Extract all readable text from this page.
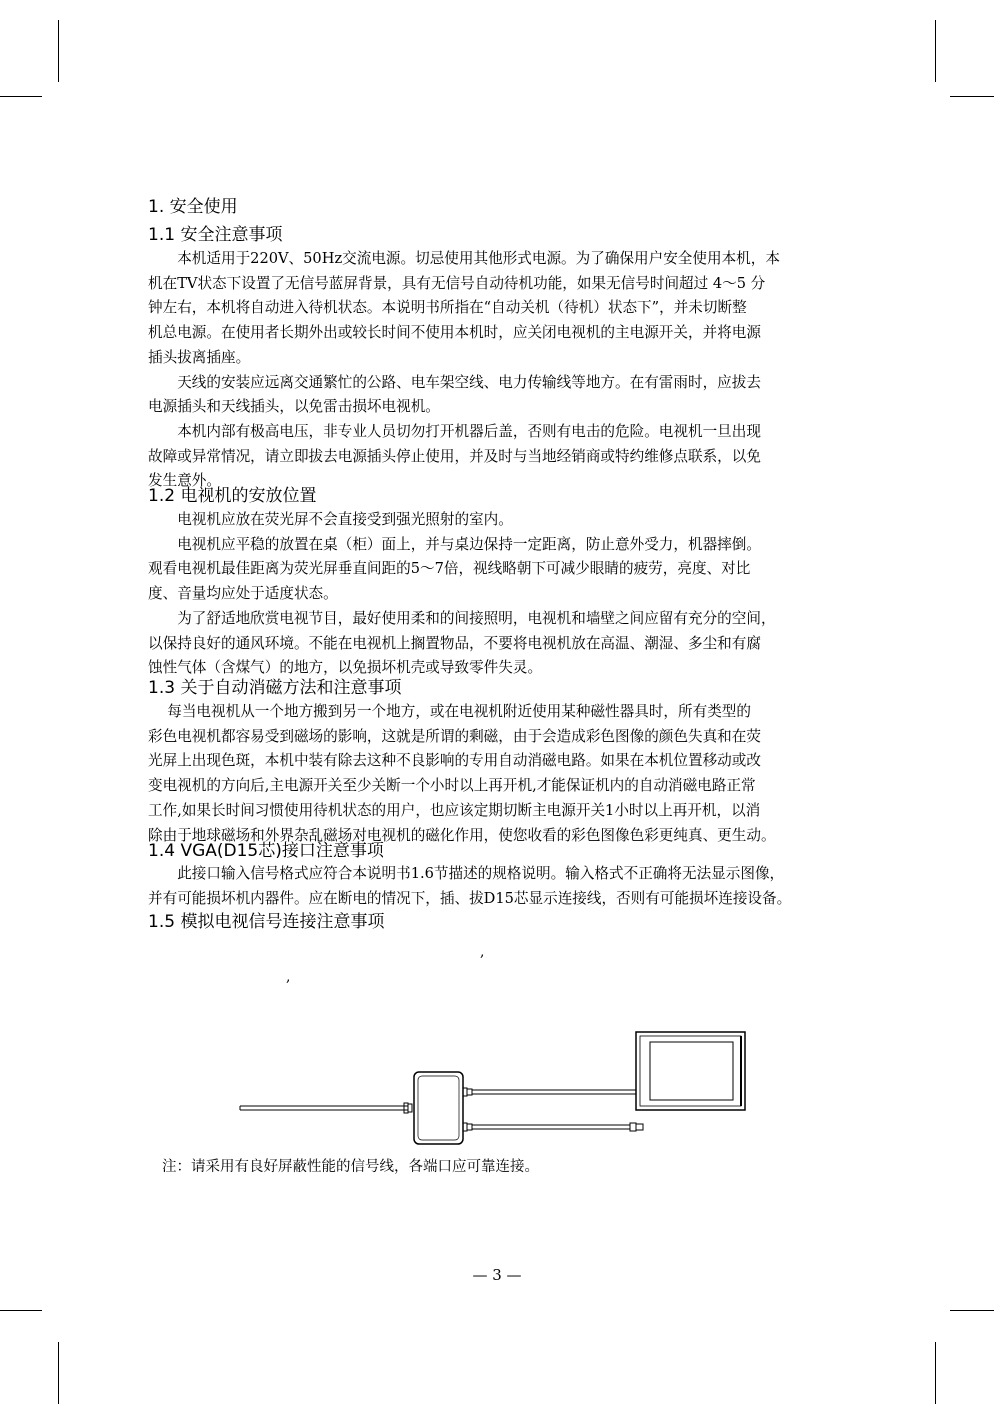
1. 安全使用
1.1 安全注意事项
　　本机适用于220V、50Hz交流电源。切忌使用其他形式电源。为了确保用户安全使用本机，本
机在TV状态下设置了无信号蓝屏背景，具有无信号自动待机功能，如果无信号时间超过 4～5 分
钟左右，本机将自动进入待机状态。本说明书所指在“自动关机（待机）状态下”，并未切断整
机总电源。在使用者长期外出或较长时间不使用本机时，应关闭电视机的主电源开关，并将电源
插头拔离插座。
　　天线的安装应远离交通繁忙的公路、电车架空线、电力传输线等地方。在有雷雨时，应拔去
电源插头和天线插头，以免雷击损坏电视机。
　　本机内部有极高电压，非专业人员切勿打开机器后盖，否则有电击的危险。电视机一旦出现
故障或异常情况，请立即拔去电源插头停止使用，并及时与当地经销商或特约维修点联系，以免
发生意外。
1.2 电视机的安放位置
　　电视机应放在荧光屏不会直接受到强光照射的室内。
　　电视机应平稳的放置在桌（柜）面上，并与桌边保持一定距离，防止意外受力，机器摔倒。
观看电视机最佳距离为荧光屏垂直间距的5～7倍，视线略朝下可减少眼睛的疲劳，亮度、对比
度、音量均应处于适度状态。
　　为了舒适地欣赏电视节目，最好使用柔和的间接照明，电视机和墙壁之间应留有充分的空间，
以保持良好的通风环境。不能在电视机上搁置物品，不要将电视机放在高温、潮湿、多尘和有腐
蚀性气体（含煤气）的地方，以免损坏机壳或导致零件失灵。
1.3 关于自动消磁方法和注意事项
　 每当电视机从一个地方搬到另一个地方，或在电视机附近使用某种磁性器具时，所有类型的
彩色电视机都容易受到磁场的影响，这就是所谓的剩磁，由于会造成彩色图像的颜色失真和在荧
光屏上出现色斑，本机中装有除去这种不良影响的专用自动消磁电路。如果在本机位置移动或改
变电视机的方向后,主电源开关至少关断一个小时以上再开机,才能保证机内的自动消磁电路正常
工作,如果长时间习惯使用待机状态的用户，也应该定期切断主电源开关1小时以上再开机，以消
除由于地球磁场和外界杂乱磁场对电视机的磁化作用，使您收看的彩色图像色彩更纯真、更生动。
1.4 VGA(D15芯)接口注意事项
　　此接口输入信号格式应符合本说明书1.6节描述的规格说明。输入格式不正确将无法显示图像，
并有可能损坏机内器件。应在断电的情况下，插、拔D15芯显示连接线，否则有可能损坏连接设备。
1.5 模拟电视信号连接注意事项
,
,
注：请采用有良好屏蔽性能的信号线，各端口应可靠连接。
— 3 —
